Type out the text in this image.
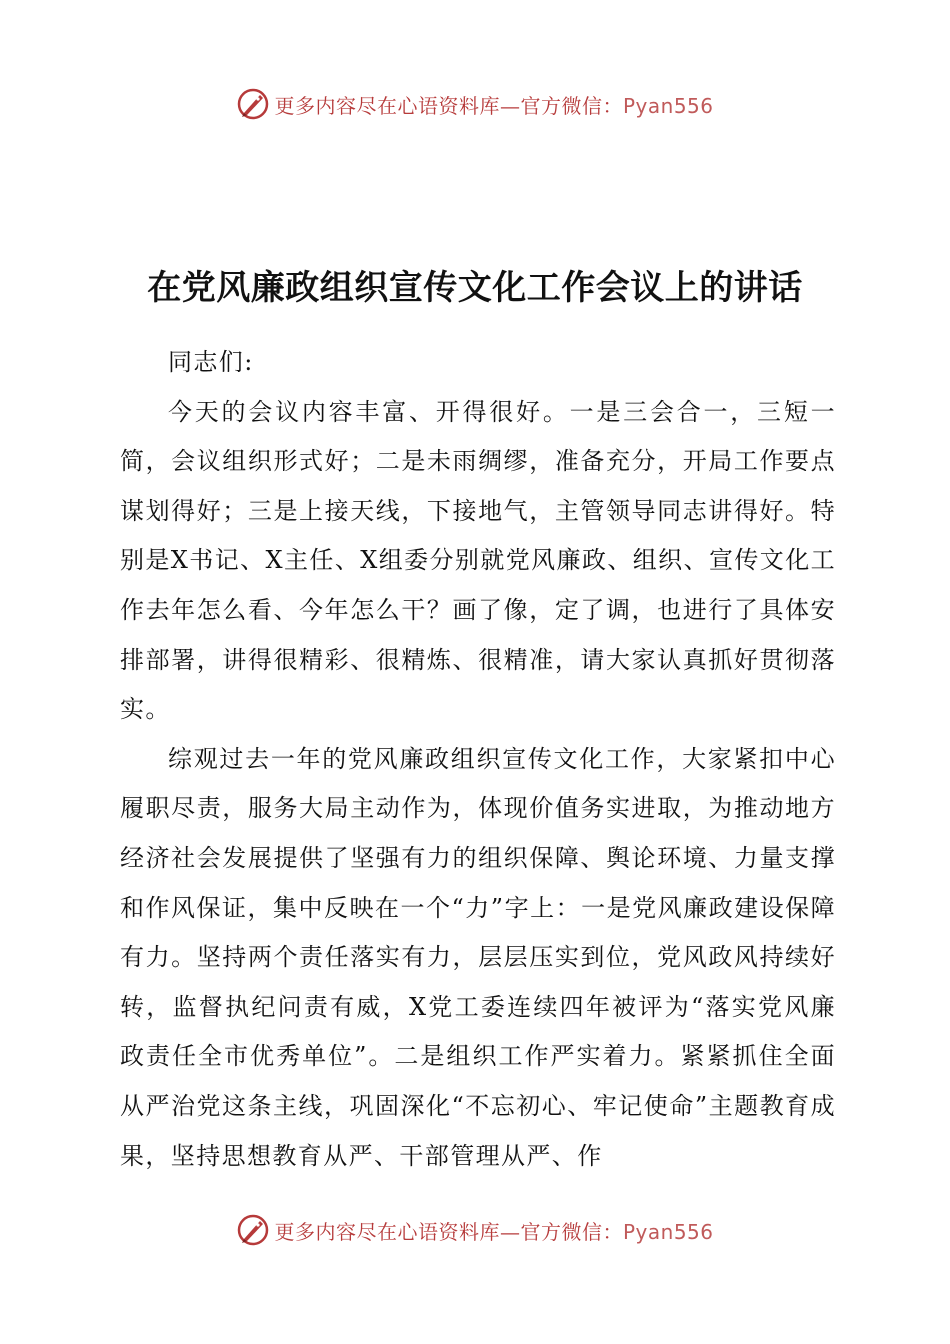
更多内容尽在心语资料库—官方微信：Pyan556
在党风廉政组织宣传文化工作会议上的讲话

同志们:

今天的会议内容丰富、开得很好。一是三会合一，三短一简，会议组织形式好；二是未雨绸缪，准备充分，开局工作要点谋划得好；三是上接天线，下接地气，主管领导同志讲得好。特别是X书记、X主任、X组委分别就党风廉政、组织、宣传文化工作去年怎么看、今年怎么干？画了像，定了调，也进行了具体安排部署，讲得很精彩、很精炼、很精准，请大家认真抓好贯彻落实。

综观过去一年的党风廉政组织宣传文化工作，大家紧扣中心履职尽责，服务大局主动作为，体现价值务实进取，为推动地方经济社会发展提供了坚强有力的组织保障、舆论环境、力量支撑和作风保证，集中反映在一个“力”字上：一是党风廉政建设保障有力。坚持两个责任落实有力，层层压实到位，党风政风持续好转，监督执纪问责有威，X党工委连续四年被评为“落实党风廉政责任全市优秀单位”。二是组织工作严实着力。紧紧抓住全面从严治党这条主线，巩固深化“不忘初心、牢记使命”主题教育成果，坚持思想教育从严、干部管理从严、作

更多内容尽在心语资料库—官方微信：Pyan556
